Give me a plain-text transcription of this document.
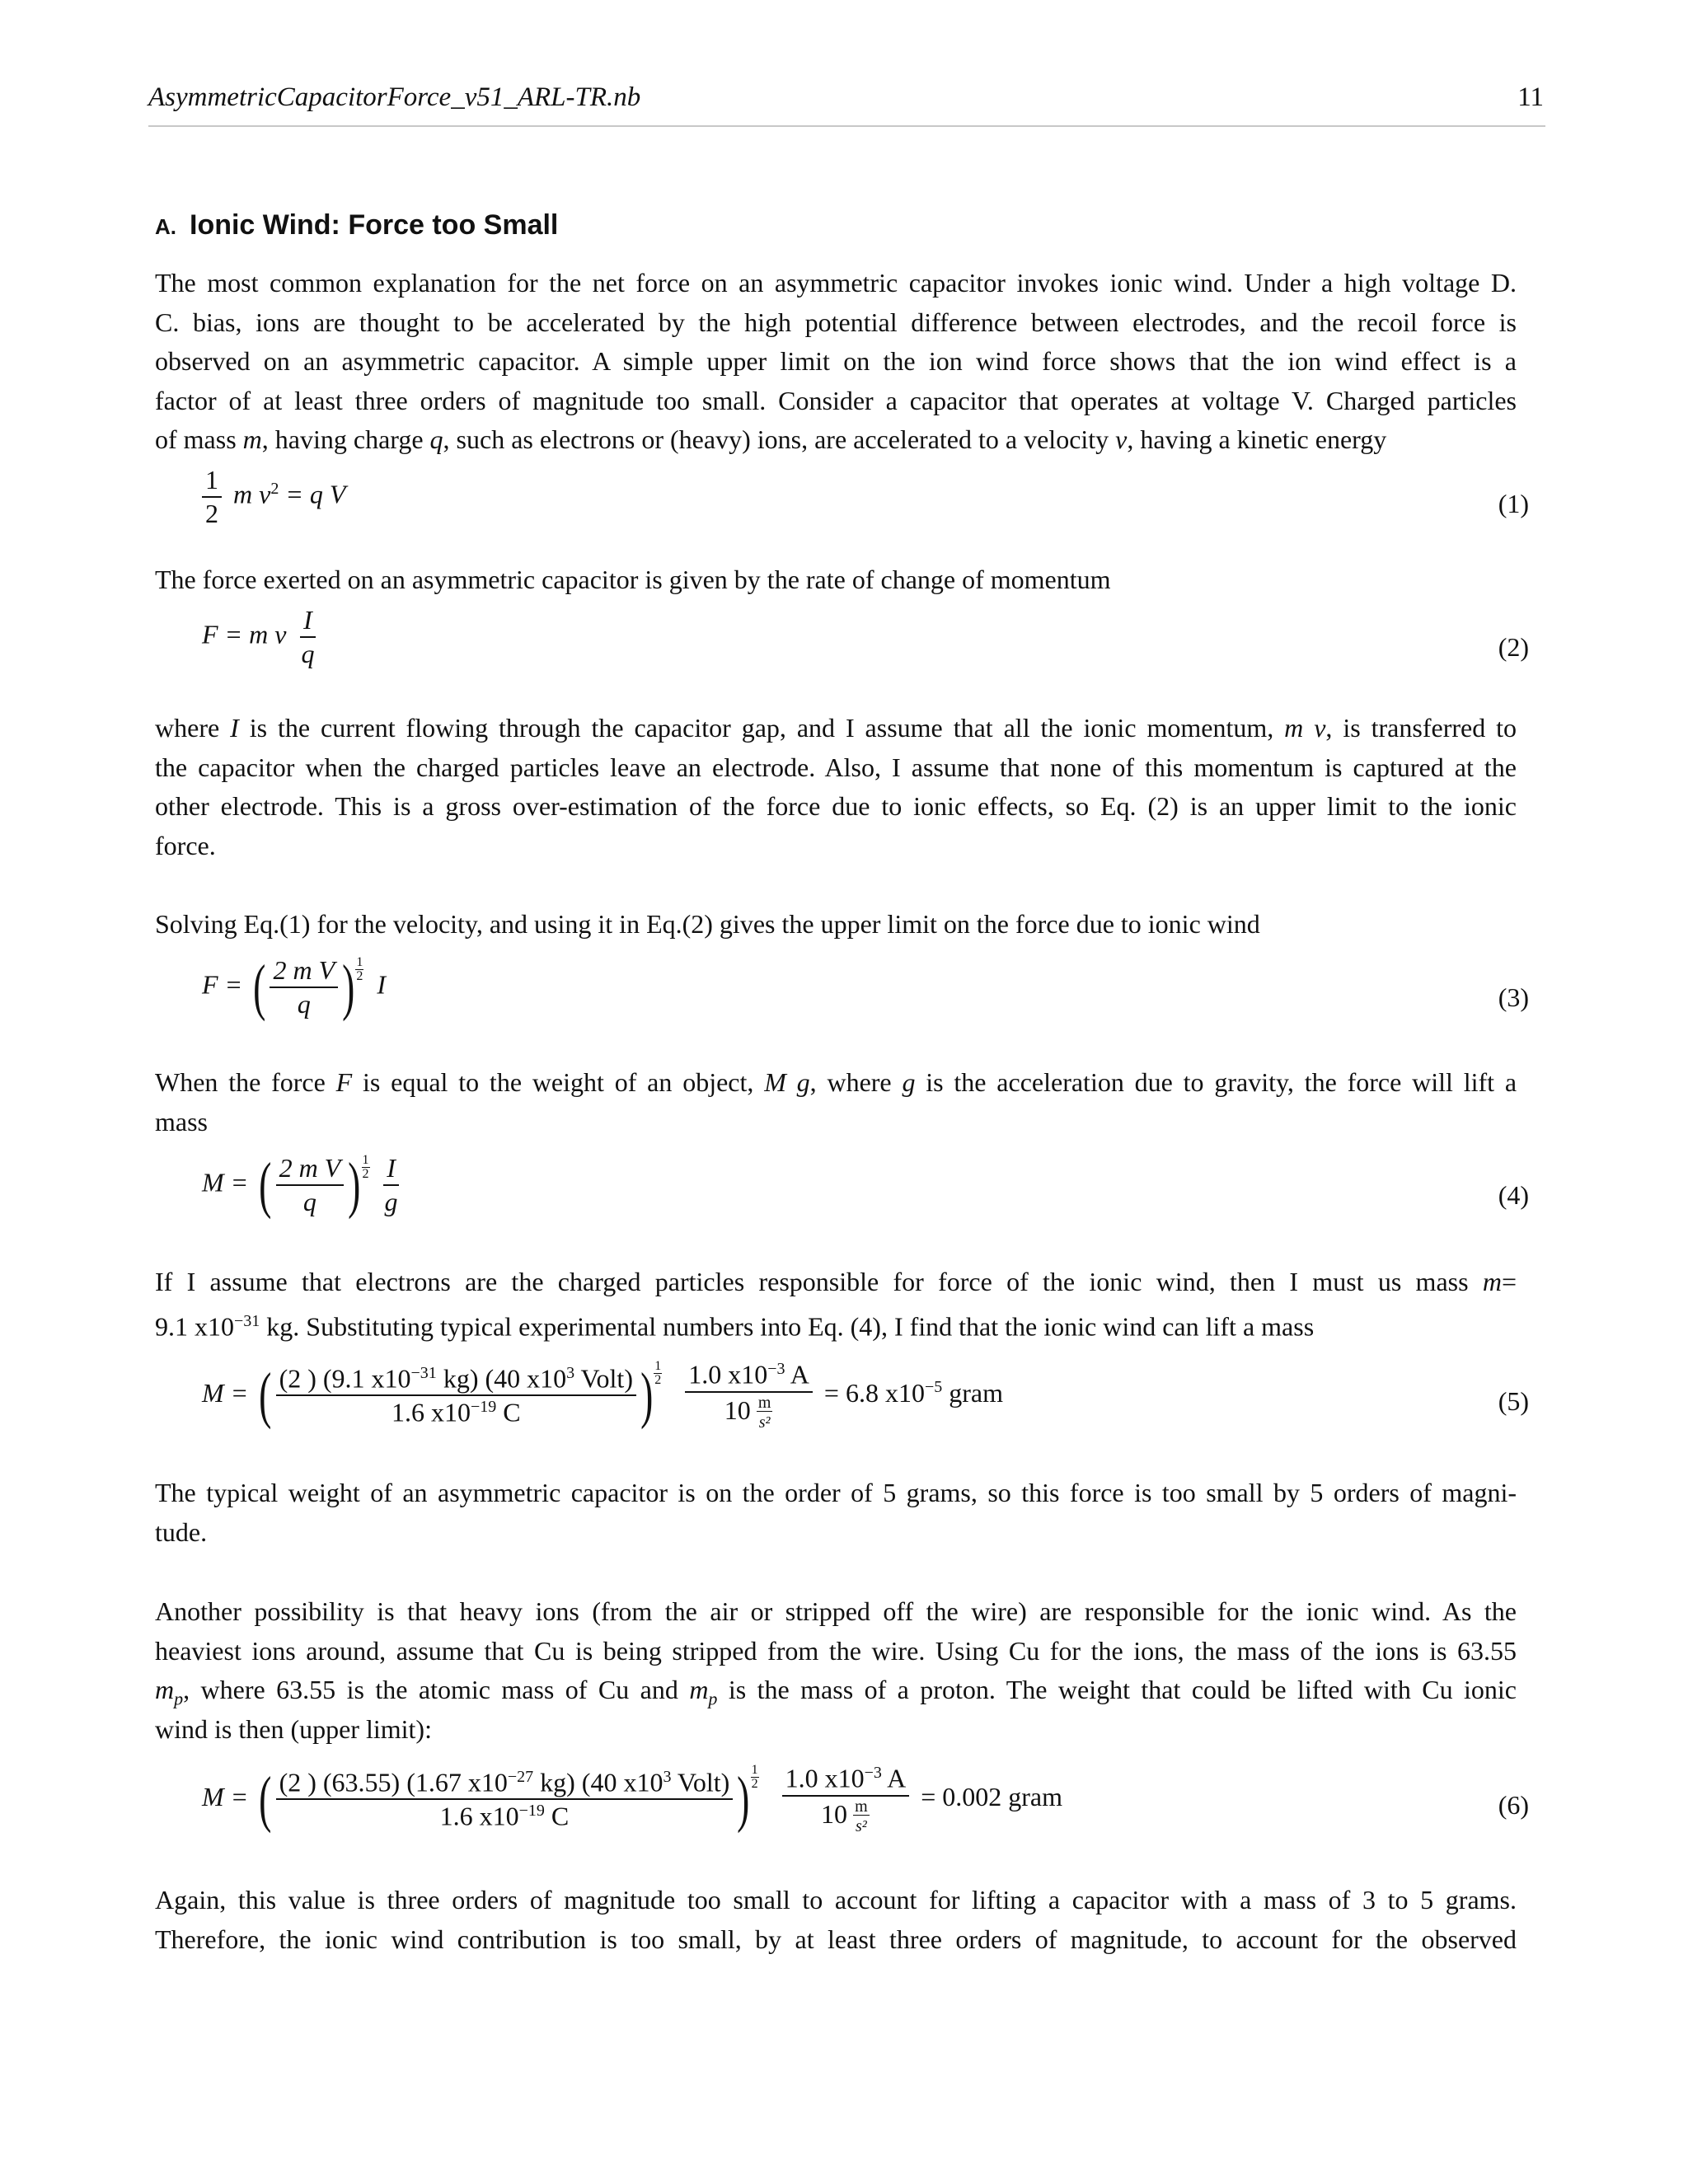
AsymmetricCapacitorForce_v51_ARL-TR.nb	11
A. Ionic Wind: Force too Small
The most common explanation for the net force on an asymmetric capacitor invokes ionic wind. Under a high voltage D.
C. bias, ions are thought to be accelerated by the high potential difference between electrodes, and the recoil force is
observed on an asymmetric capacitor. A simple upper limit on the ion wind force shows that the ion wind effect is a
factor of at least three orders of magnitude too small. Consider a capacitor that operates at voltage V. Charged particles
of mass m, having charge q, such as electrons or (heavy) ions, are accelerated to a velocity v, having a kinetic energy
$\frac{1}{2}$ m $v^2 = q$ V	(1)
The force exerted on an asymmetric capacitor is given by the rate of change of momentum
F = m v $\frac{I}{q}$	(2)
where I is the current flowing through the capacitor gap, and I assume that all the ionic momentum, m v, is transferred to
the capacitor when the charged particles leave an electrode. Also, I assume that none of this momentum is captured at the
other electrode. This is a gross over-estimation of the force due to ionic effects, so Eq. (2) is an upper limit to the ionic
force.
Solving Eq.(1) for the velocity, and using it in Eq.(2) gives the upper limit on the force due to ionic wind
F = ( $\frac{\text{2 m V}}{q}$ ) $\frac{1}{2}$
I	(3)
When the force F is equal to the weight of an object, M g, where g is the acceleration due to gravity, the force will lift a
mass
M = ( $\frac{\text{2 m V}}{q}$ ) $\frac{1}{2}$
$\frac{I}{g}$	(4)
If I assume that electrons are the charged particles responsible for force of the ionic wind, then I must us mass m=
9.1 $x10^{-31}$ kg. Substituting typical experimental numbers into Eq. (4), I find that the ionic wind can lift a mass
M = ( $\frac{(2 ) (9.1 x10^{-31} kg) (40 x10^3 Volt)}{1.6 x10^{-19} C}$ ) $\frac{1}{2}$
$\frac{1.0 x10^{-3} A}{10 \frac{m}{\text{s²}}} = 6.8$ $x10^{-5}$ gram	(5)
The typical weight of an asymmetric capacitor is on the order of 5 grams, so this force is too small by 5 orders of magni-
tude.
Another possibility is that heavy ions (from the air or stripped off the wire) are responsible for the ionic wind. As the
heaviest ions around, assume that Cu is being stripped from the wire. Using Cu for the ions, the mass of the ions is 63.55
$m_p$, where 63.55 is the atomic mass of Cu and $m_p$ is the mass of a proton. The weight that could be lifted with Cu ionic
wind is then (upper limit):
M = ( $\frac{(2 ) (63.55) (1.67 x10^{-27} kg) (40 x10^3 Volt)}{1.6 x10^{-19} C}$ ) $\frac{1}{2}$
$\frac{1.0 x10^{-3} A}{10 \frac{m}{\text{s²}}} = 0.002$ gram	(6)
Again, this value is three orders of magnitude too small to account for lifting a capacitor with a mass of 3 to 5 grams.
Therefore, the ionic wind contribution is too small, by at least three orders of magnitude, to account for the observed
